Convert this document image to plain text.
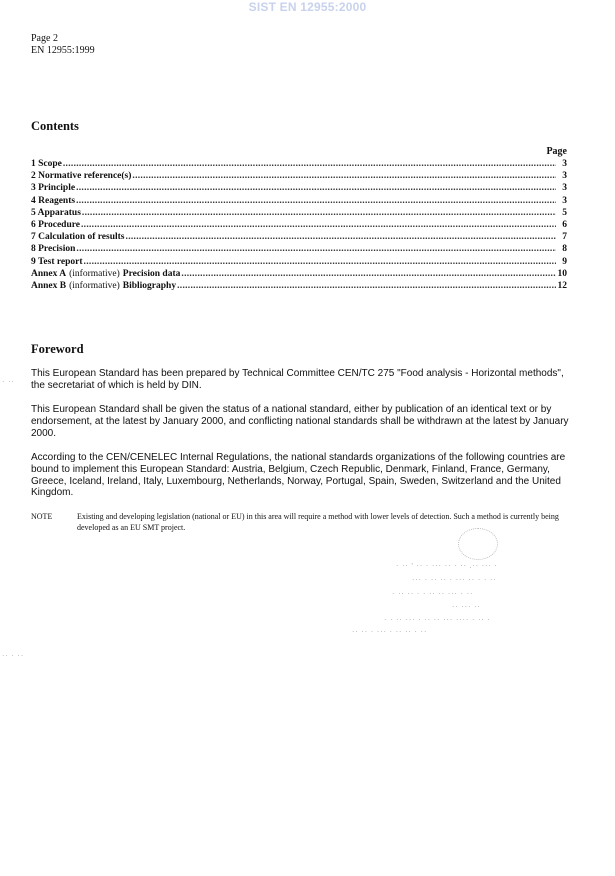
SIST EN 12955:2000
Page 2
EN 12955:1999
Contents
Page
1 Scope .....	3
2 Normative reference(s) .....	3
3 Principle .....	3
4 Reagents .....	3
5 Apparatus .....	5
6 Procedure .....	6
7 Calculation of results .....	7
8 Precision .....	8
9 Test report .....	9
Annex A (informative) Precision data .....	10
Annex B (informative) Bibliography .....	12
Foreword

This European Standard has been prepared by Technical Committee CEN/TC 275 "Food analysis - Horizontal methods", the secretariat of which is held by DIN.

This European Standard shall be given the status of a national standard, either by publication of an identical text or by endorsement, at the latest by January 2000, and conflicting national standards shall be withdrawn at the latest by January 2000.

According to the CEN/CENELEC Internal Regulations, the national standards organizations of the following countries are bound to implement this European Standard: Austria, Belgium, Czech Republic, Denmark, Finland, France, Germany, Greece, Iceland, Ireland, Italy, Luxembourg, Netherlands, Norway, Portugal, Spain, Sweden, Switzerland and the United Kingdom.

NOTE	Existing and developing legislation (national or EU) in this area will require a method with lower levels of detection. Such a method is currently being developed as an EU SMT project.
· ·· ' ·· · ··· ·· · ·· .·· ··· ·
··· · ·· ·· · ··· ·· · · ··
· ·· ·· · · ·· ·· ··· · ··
·· ··· ··
· · ·· ··· · ·· ·· ··· ···· · ·· ·
·· ·· · ··· · ·· ·· · ··
· ··
·· · ··
